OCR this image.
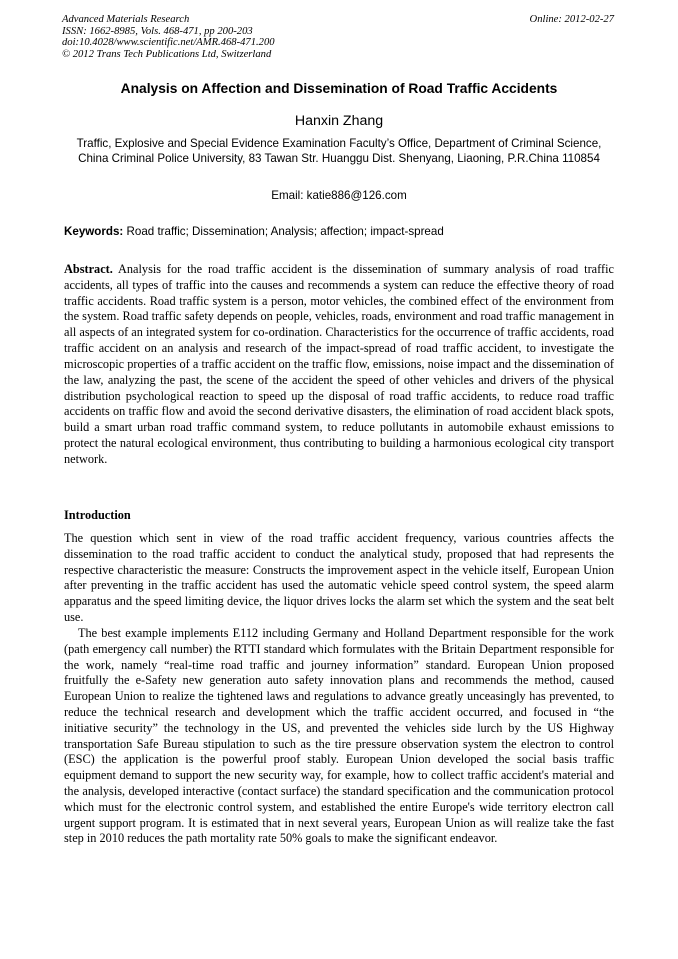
Advanced Materials Research
ISSN: 1662-8985, Vols. 468-471, pp 200-203
doi:10.4028/www.scientific.net/AMR.468-471.200
© 2012 Trans Tech Publications Ltd, Switzerland
Online: 2012-02-27
Analysis on Affection and Dissemination of Road Traffic Accidents
Hanxin Zhang
Traffic, Explosive and Special Evidence Examination Faculty’s Office, Department of Criminal Science, China Criminal Police University, 83 Tawan Str. Huanggu Dist. Shenyang, Liaoning, P.R.China 110854
Email: katie886@126.com
Keywords: Road traffic; Dissemination; Analysis; affection; impact-spread
Abstract. Analysis for the road traffic accident is the dissemination of summary analysis of road traffic accidents, all types of traffic into the causes and recommends a system can reduce the effective theory of road traffic accidents. Road traffic system is a person, motor vehicles, the combined effect of the environment from the system. Road traffic safety depends on people, vehicles, roads, environment and road traffic management in all aspects of an integrated system for co-ordination. Characteristics for the occurrence of traffic accidents, road traffic accident on an analysis and research of the impact-spread of road traffic accident, to investigate the microscopic properties of a traffic accident on the traffic flow, emissions, noise impact and the dissemination of the law, analyzing the past, the scene of the accident the speed of other vehicles and drivers of the physical distribution psychological reaction to speed up the disposal of road traffic accidents, to reduce road traffic accidents on traffic flow and avoid the second derivative disasters, the elimination of road accident black spots, build a smart urban road traffic command system, to reduce pollutants in automobile exhaust emissions to protect the natural ecological environment, thus contributing to building a harmonious ecological city transport network.
Introduction

The question which sent in view of the road traffic accident frequency, various countries affects the dissemination to the road traffic accident to conduct the analytical study, proposed that had represents the respective characteristic the measure: Constructs the improvement aspect in the vehicle itself, European Union after preventing in the traffic accident has used the automatic vehicle speed control system, the speed alarm apparatus and the speed limiting device, the liquor drives locks the alarm set which the system and the seat belt use.

The best example implements E112 including Germany and Holland Department responsible for the work (path emergency call number) the RTTI standard which formulates with the Britain Department responsible for the work, namely “real-time road traffic and journey information” standard. European Union proposed fruitfully the e-Safety new generation auto safety innovation plans and recommends the method, caused European Union to realize the tightened laws and regulations to advance greatly unceasingly has prevented, to reduce the technical research and development which the traffic accident occurred, and focused in “the initiative security” the technology in the US, and prevented the vehicles side lurch by the US Highway transportation Safe Bureau stipulation to such as the tire pressure observation system the electron to control (ESC) the application is the powerful proof stably. European Union developed the social basis traffic equipment demand to support the new security way, for example, how to collect traffic accident's material and the analysis, developed interactive (contact surface) the standard specification and the communication protocol which must for the electronic control system, and established the entire Europe's wide territory electron call urgent support program. It is estimated that in next several years, European Union as will realize take the fast step in 2010 reduces the path mortality rate 50% goals to make the significant endeavor.
